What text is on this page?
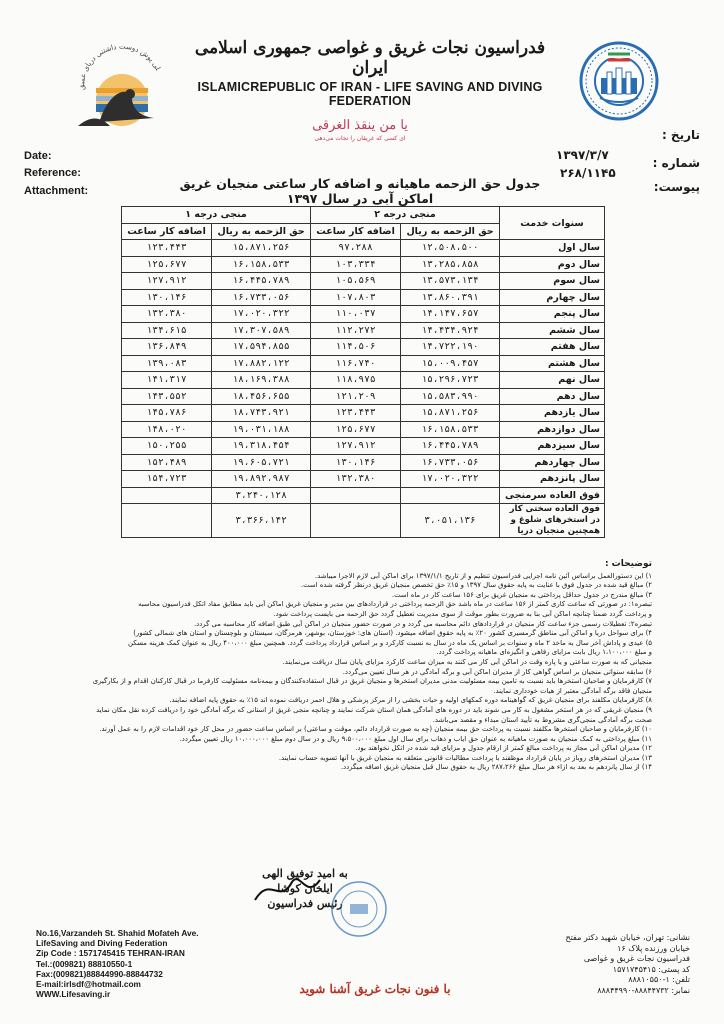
لی پوش دوست داشتنی دریای عمیق
فدراسیون نجات غریق و غواصی جمهوری اسلامی ایران
ISLAMICREPUBLIC OF IRAN - LIFE SAVING AND DIVING FEDERATION
یا من ینقذ الغرقی
ای کسی که غریقان را نجات می‌دهی
Date:
Reference:
Attachment:
تاریخ :
۱۳۹۷/۳/۷
شماره :
۲۶۸/۱۱۴۵
پیوست:
جدول حق الزحمه ماهیانه و اضافه کار ساعتی منجیان غریق اماکن آبی در سال ۱۳۹۷
سنوات خدمت	منجی درجه ۲		منجی درجه ۱	
	حق الزحمه به ریال	اضافه کار ساعت	حق الزحمه به ریال	اضافه کار ساعت
سال اول	۱۲،۵۰۸،۵۰۰	۹۷،۲۸۸	۱۵،۸۷۱،۲۵۶	۱۲۳،۴۴۳
سال دوم	۱۳،۲۸۵،۸۵۸	۱۰۳،۳۳۴	۱۶،۱۵۸،۵۳۳	۱۲۵،۶۷۷
سال سوم	۱۳،۵۷۳،۱۳۴	۱۰۵،۵۶۹	۱۶،۴۴۵،۷۸۹	۱۲۷،۹۱۲
سال چهارم	۱۳،۸۶۰،۳۹۱	۱۰۷،۸۰۳	۱۶،۷۳۳،۰۵۶	۱۳۰،۱۴۶
سال پنجم	۱۴،۱۴۷،۶۵۷	۱۱۰،۰۳۷	۱۷،۰۲۰،۳۲۲	۱۳۲،۳۸۰
سال ششم	۱۴،۴۳۴،۹۲۴	۱۱۲،۲۷۲	۱۷،۳۰۷،۵۸۹	۱۳۴،۶۱۵
سال هفتم	۱۴،۷۲۲،۱۹۰	۱۱۴،۵۰۶	۱۷،۵۹۴،۸۵۵	۱۳۶،۸۴۹
سال هشتم	۱۵،۰۰۹،۴۵۷	۱۱۶،۷۴۰	۱۷،۸۸۲،۱۲۲	۱۳۹،۰۸۳
سال نهم	۱۵،۲۹۶،۷۲۳	۱۱۸،۹۷۵	۱۸،۱۶۹،۳۸۸	۱۴۱،۳۱۷
سال دهم	۱۵،۵۸۳،۹۹۰	۱۲۱،۲۰۹	۱۸،۴۵۶،۶۵۵	۱۴۳،۵۵۲
سال یازدهم	۱۵،۸۷۱،۲۵۶	۱۲۳،۴۴۳	۱۸،۷۴۳،۹۲۱	۱۴۵،۷۸۶
سال دوازدهم	۱۶،۱۵۸،۵۳۳	۱۲۵،۶۷۷	۱۹،۰۳۱،۱۸۸	۱۴۸،۰۲۰
سال سیزدهم	۱۶،۴۴۵،۷۸۹	۱۲۷،۹۱۲	۱۹،۳۱۸،۴۵۴	۱۵۰،۲۵۵
سال چهاردهم	۱۶،۷۳۳،۰۵۶	۱۳۰،۱۴۶	۱۹،۶۰۵،۷۲۱	۱۵۲،۴۸۹
سال پانزدهم	۱۷،۰۲۰،۳۲۲	۱۳۲،۳۸۰	۱۹،۸۹۲،۹۸۷	۱۵۴،۷۲۳
فوق العاده سرمنجی			۳،۲۴۰،۱۲۸	
فوق العاده سختی کار در استخرهای شلوغ و همچنین منجیان دریا	۳،۰۵۱،۱۳۶		۳،۳۶۶،۱۴۲	
توضیحات :
۱) این دستورالعمل براساس آئین نامه اجرایی فدراسیون تنظیم و از تاریخ ۱۳۹۷/۱/۱ برای اماکن آبی لازم الاجرا میباشد.
۲) مبالغ قید شده در جدول فوق با عنایت به پایه حقوق سال ۱۳۹۷ و ۱۵٪ حق تخصص منجیان غریق درنظر گرفته شده است.
۳) مبالغ مندرج در جدول حداقل پرداختی به منجیان غریق برای ۱۵۶ ساعت کار در ماه است.
تبصره۱: در صورتی که ساعت کاری کمتر از ۱۵۶ ساعت در ماه باشد حق الزحمه پرداختی در قراردادهای بین مدیر و منجیان غریق اماکن آبی باید مطابق مفاد اتکل فدراسیون محاسبه
و پرداخت گردد ضمناً چنانچه اماکن آبی بنا به ضرورت بطور موقت از سوی مدیریت تعطیل گردد حق الزحمه می بایست پرداخت شود.
تبصره۲: تعطیلات رسمی جزء ساعت کار منجیان در قراردادهای دائم محاسبه می گردد و در صورت حضور منجیان در اماکن آبی طبق اضافه کار محاسبه می گردد.
۴) برای سواحل دریا و اماکن آبی مناطق گرمسیری کشور ۲۰٪ به پایه حقوق اضافه میشود. (استان های: خوزستان، بوشهر، هرمزگان، سیستان و بلوچستان و استان های شمالی کشور)
۵) عیدی و پاداش آخر سال به ماخذ ۲ ماه و سنوات بر اساس یک ماه در سال به نسبت کارکرد و بر اساس قرارداد پرداخت گردد. همچنین مبلغ ۴۰۰،۰۰۰ ریال به عنوان کمک هزینه مسکن
و مبلغ ۱،۱۰۰،۰۰۰ ریال بابت مزایای رفاهی و انگیزه‌ای ماهیانه پرداخت گردد.
منجیانی که به صورت ساعتی و یا پاره وقت در اماکن آبی کار می کنند به میزان ساعت کارکرد مزایای پایان سال دریافت می‌نمایند.
۶) سابقه سنواتی منجیان بر اساس گواهی کار از مدیران اماکن آبی و برگه آمادگی در هر سال تعیین می‌گردد.
۷) کارفرمایان و صاحبان استخرها باید نسبت به تامین بیمه مسئولیت مدنی مدیران استخرها و منجیان غریق در قبال استفاده‌کنندگان و بیمه‌نامه مسئولیت کارفرما در قبال کارکنان اقدام و از بکارگیری
منجیان فاقد برگه آمادگی معتبر از هیات خودداری نمایند.
۸) کارفرمایان مکلفند برای منجیان غریق که گواهینامه دوره کمکهای اولیه و حیات بخشی را از مرکز پزشکی و هلال احمر دریافت نموده اند ۱۵٪ به حقوق پایه اضافه نمایند.
۹) منجیان غریقی که در هر استخر مشغول به کار می شوند باید در دوره های آمادگی همان استان شرکت نمایند و چنانچه منجی غریق از استانی که برگه آمادگی خود را دریافت کرده نقل مکان نماید
صحت برگه آمادگی منجی‌گری مشروط به تأیید استان مبداء و مقصد می‌باشد.
۱۰) کارفرمایان و صاحبان استخرها مکلفند نسبت به پرداخت حق بیمه منجیان (چه به صورت قرارداد دائم، موقت و ساعتی) بر اساس ساعت حضور در محل کار خود اقدامات لازم را به عمل آورند.
۱۱) مبلغ پرداختی به کمک منجیان به صورت ماهیانه به عنوان حق ایاب و ذهاب برای سال اول مبلغ ۹،۵۰۰،۰۰۰ ریال و در سال دوم مبلغ ۱۰،۰۰۰،۰۰۰ ریال تعیین میگردد.
۱۲) مدیران اماکن آبی مجاز به پرداخت مبالغ کمتر از ارقام جدول و مزایای قید شده در اتکل نخواهند بود.
۱۳) مدیران استخرهای روباز در پایان قرارداد موظفند با پرداخت مطالبات قانونی متعلقه به منجیان غریق با آنها تسویه حساب نمایند.
۱۴) از سال پانزدهم به بعد به ازاء هر سال مبلغ ۲۸۷،۲۶۶ ریال به حقوق سال قبل منجیان غریق اضافه میگردد.
به امید توفیق الهی
ایلخان کوشا
رئیس فدراسیون
No.16,Varzandeh St. Shahid Mofateh Ave.
LifeSaving and Diving Federation
Zip Code : 1571745415 TEHRAN-IRAN
Tel.:(009821) 88810550-1
Fax:(009821)88844990-88844732
E-mail:irlsdf@hotmail.com
WWW.Lifesaving.ir
نشانی: تهران، خیابان شهید دکتر مفتح
خیابان ورزنده پلاک ۱۶
فدراسیون نجات غریق و غواصی
کد پستی: ۱۵۷۱۷۴۵۴۱۵
تلفن: ۱-۸۸۸۱۰۵۵۰
نمابر: ۸۸۸۴۴۷۳۲-۸۸۸۴۴۹۹۰
با فنون نجات غریق آشنا شوید
